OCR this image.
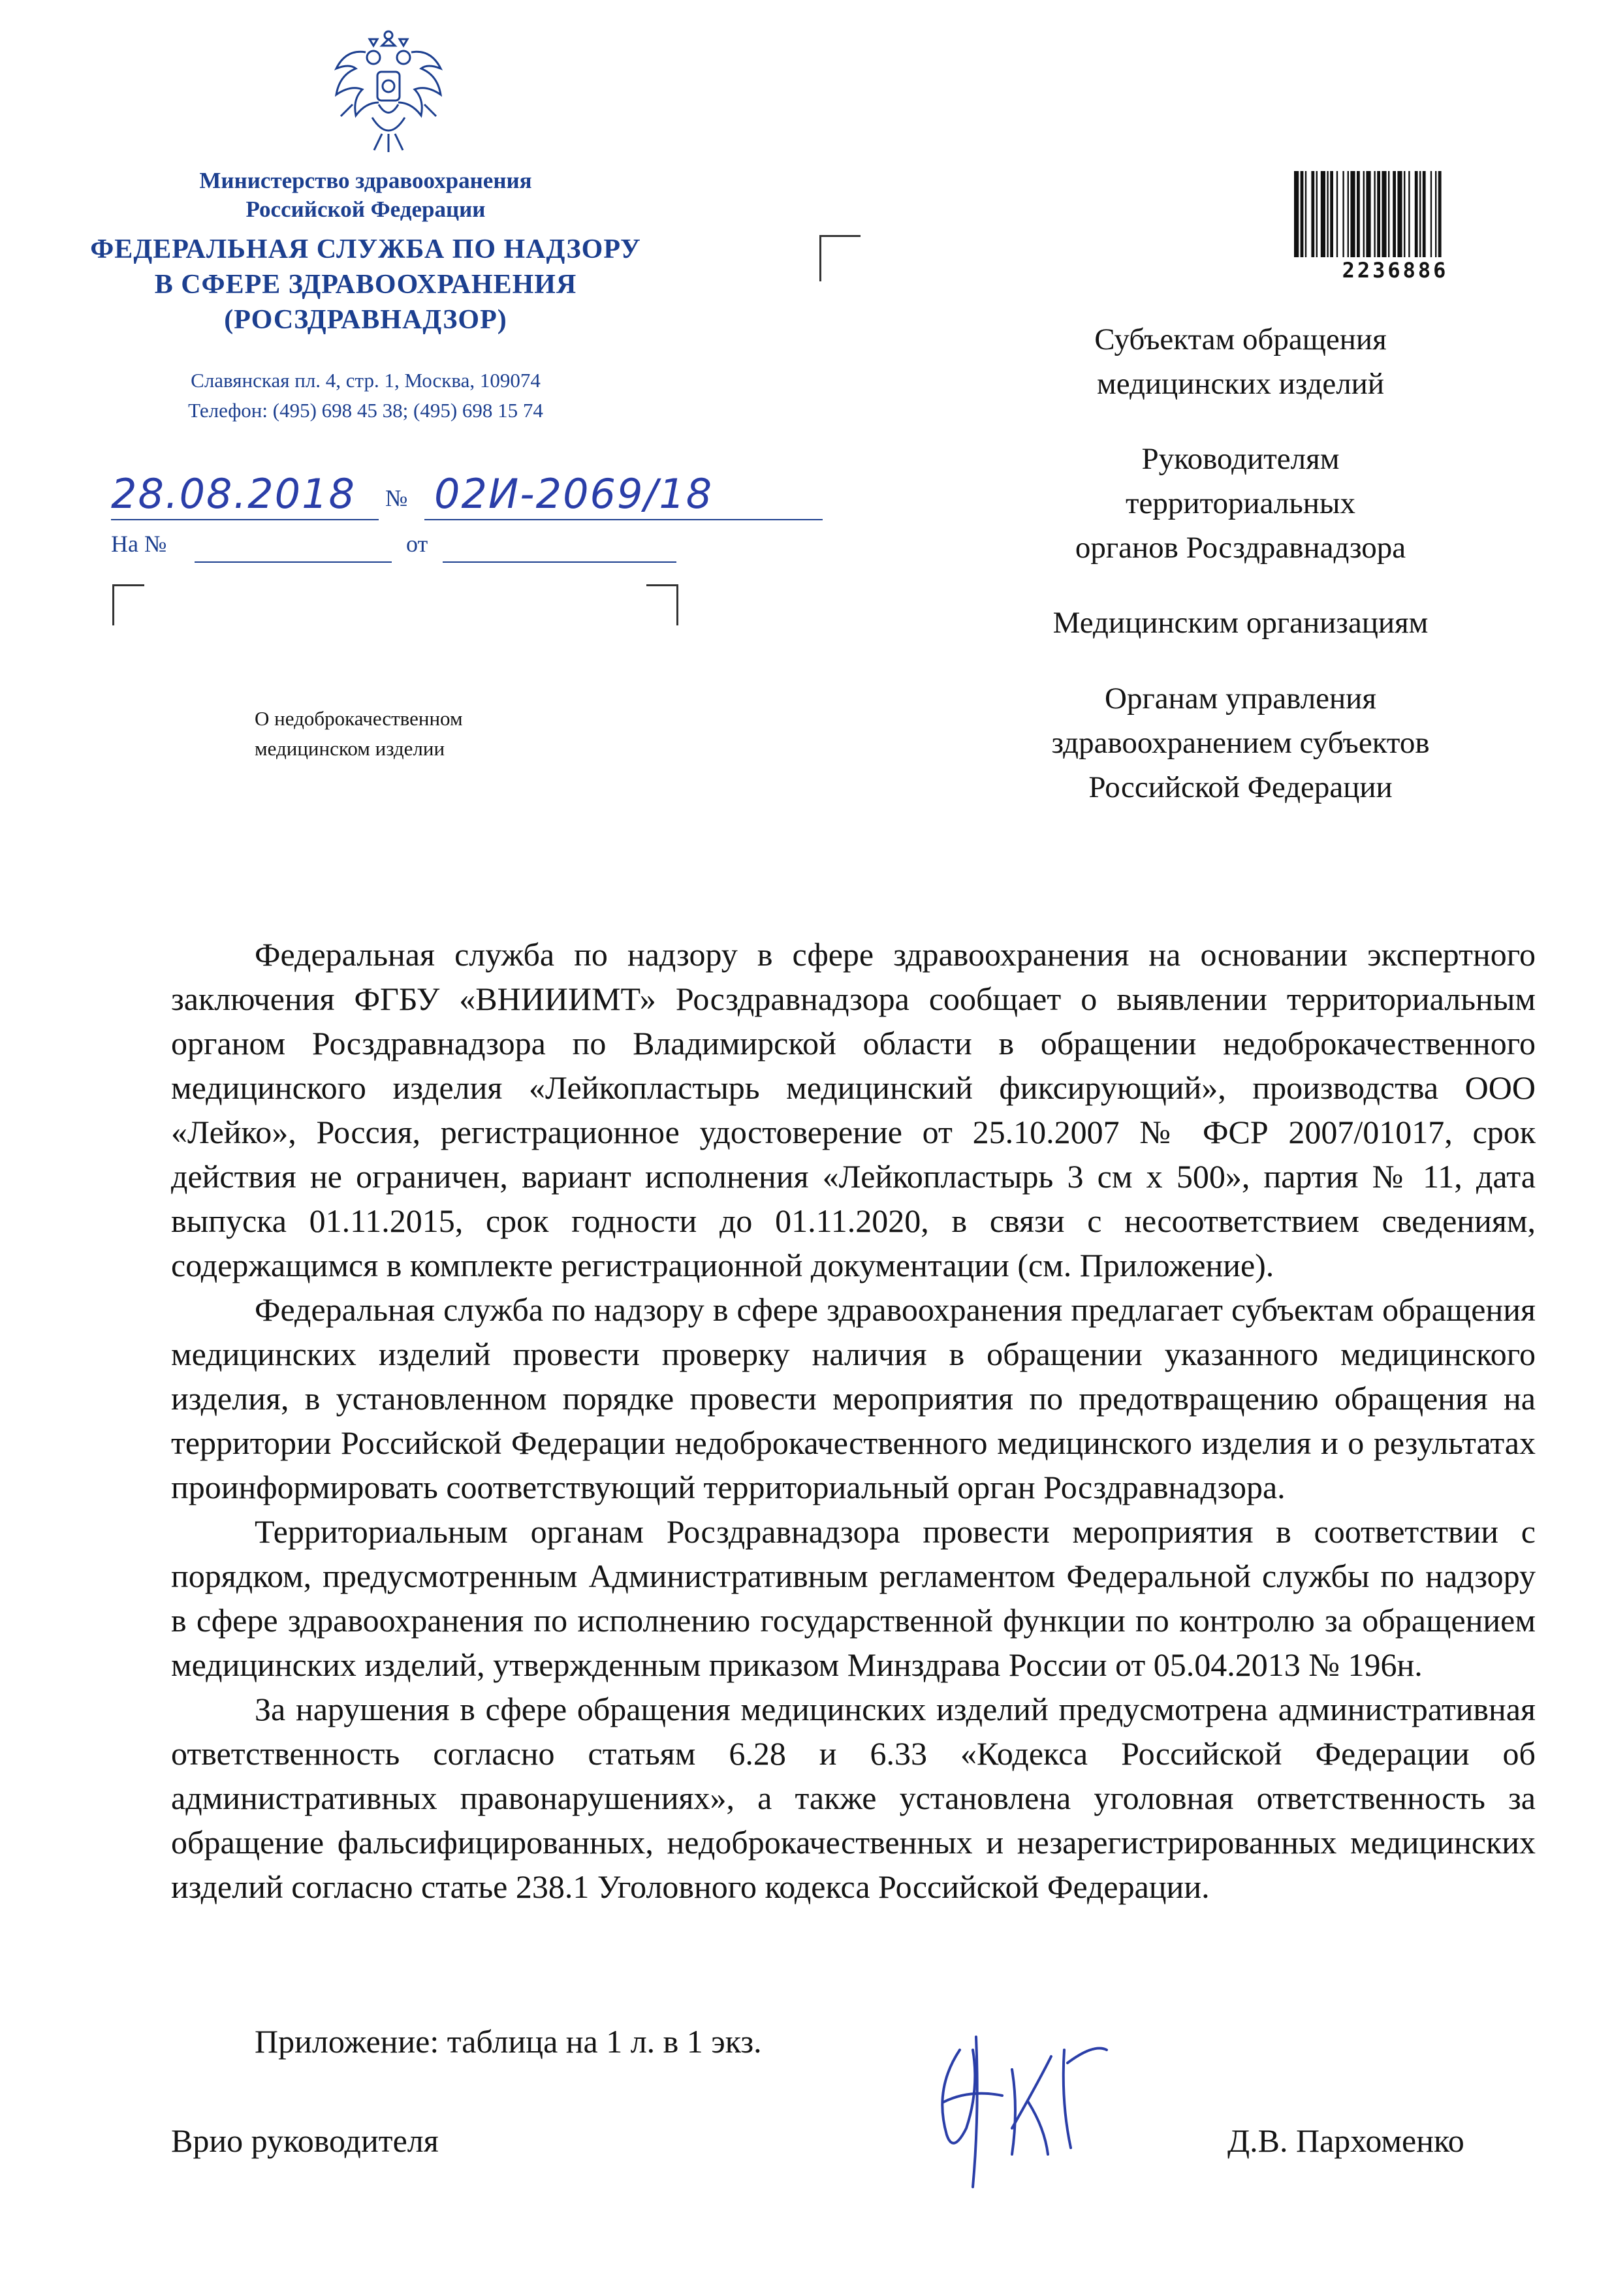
Министерство здравоохранения
Российской Федерации
ФЕДЕРАЛЬНАЯ СЛУЖБА ПО НАДЗОРУ
В СФЕРЕ ЗДРАВООХРАНЕНИЯ
(РОСЗДРАВНАДЗОР)
Славянская пл. 4, стр. 1, Москва, 109074
Телефон: (495) 698 45 38; (495) 698 15 74
28.08.2018 № 02И-2069/18
На №	от
О недоброкачественном
медицинском изделии
2236886
Субъектам обращения
медицинских изделий
Руководителям
территориальных
органов Росздравнадзора
Медицинским организациям
Органам управления
здравоохранением субъектов
Российской Федерации

Федеральная служба по надзору в сфере здравоохранения на основании экспертного заключения ФГБУ «ВНИИИМТ» Росздравнадзора сообщает о выявлении территориальным органом Росздравнадзора по Владимирской области в обращении недоброкачественного медицинского изделия «Лейкопластырь медицинский фиксирующий», производства ООО «Лейко», Россия, регистрационное удостоверение от 25.10.2007 № ФСР 2007/01017, срок действия не ограничен, вариант исполнения «Лейкопластырь 3 см х 500», партия № 11, дата выпуска 01.11.2015, срок годности до 01.11.2020, в связи с несоответствием сведениям, содержащимся в комплекте регистрационной документации (см. Приложение).

Федеральная служба по надзору в сфере здравоохранения предлагает субъектам обращения медицинских изделий провести проверку наличия в обращении указанного медицинского изделия, в установленном порядке провести мероприятия по предотвращению обращения на территории Российской Федерации недоброкачественного медицинского изделия и о результатах проинформировать соответствующий территориальный орган Росздравнадзора.

Территориальным органам Росздравнадзора провести мероприятия в соответствии с порядком, предусмотренным Административным регламентом Федеральной службы по надзору в сфере здравоохранения по исполнению государственной функции по контролю за обращением медицинских изделий, утвержденным приказом Минздрава России от 05.04.2013 № 196н.

За нарушения в сфере обращения медицинских изделий предусмотрена административная ответственность согласно статьям 6.28 и 6.33 «Кодекса Российской Федерации об административных правонарушениях», а также установлена уголовная ответственность за обращение фальсифицированных, недоброкачественных и незарегистрированных медицинских изделий согласно статье 238.1 Уголовного кодекса Российской Федерации.

Приложение: таблица на 1 л. в 1 экз.
Врио руководителя	Д.В. Пархоменко
